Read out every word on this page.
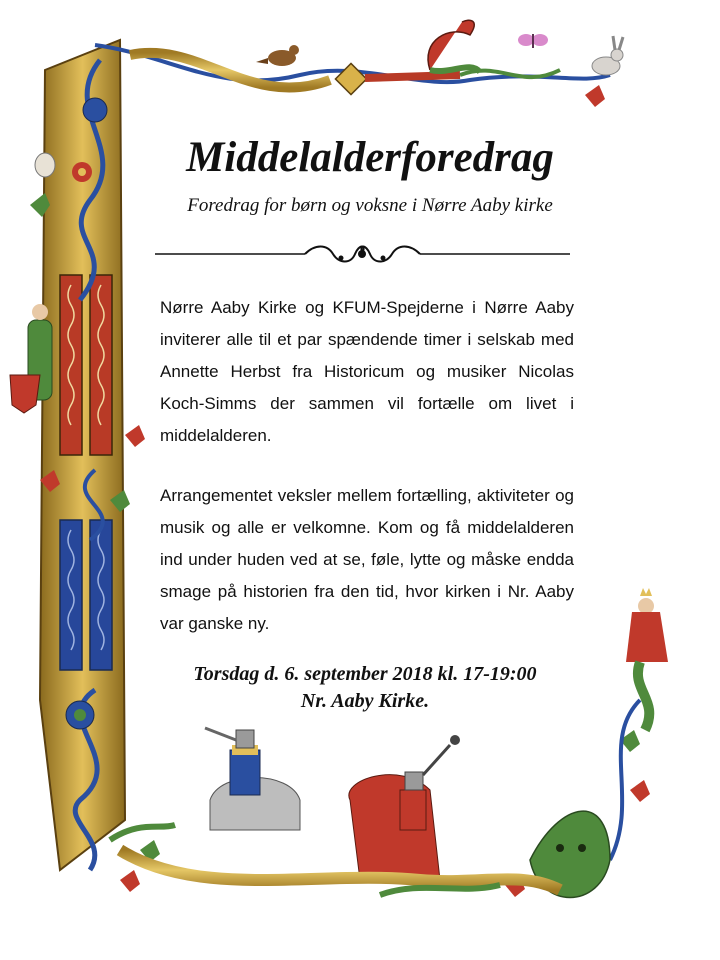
Middelalderforedrag
Foredrag for børn og voksne i Nørre Aaby kirke

Nørre Aaby Kirke og KFUM-Spejderne i Nørre Aaby inviterer alle til et par spændende timer i selskab med Annette Herbst fra Historicum og musiker Nicolas Koch-Simms der sammen vil fortælle om livet i middelalderen.

Arrangementet veksler mellem fortælling, aktiviteter og musik og alle er velkomne. Kom og få middelalderen ind under huden ved at se, føle, lytte og måske endda smage på historien fra den tid, hvor kirken i Nr. Aaby var ganske ny.

Torsdag d. 6. september 2018 kl. 17-19:00
Nr. Aaby Kirke.
